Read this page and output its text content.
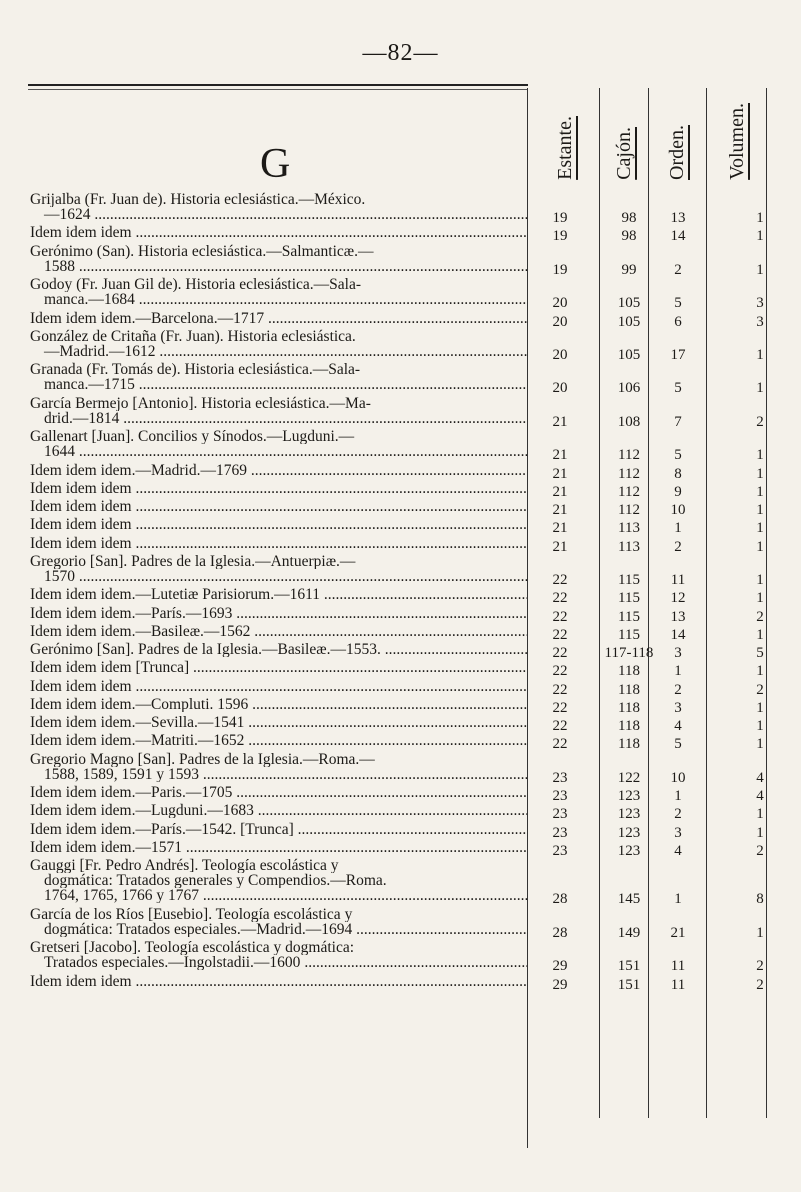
—82—
G	Estante. Cajón. Orden. Volumen.
Grijalba (Fr. Juan de). Historia eclesiástica.—México.
—1624 .....	19	98	13	1
Idem idem idem .....	19	98	14	1
Gerónimo (San). Historia eclesiástica.—Salmanticæ.—
1588 .....	19	99	2	1
Godoy (Fr. Juan Gil de). Historia eclesiástica.—Sala-
manca.—1684 .....	20	105	5	3
Idem idem idem.—Barcelona.—1717 .....	20	105	6	3
González de Critaña (Fr. Juan). Historia eclesiástica.
—Madrid.—1612 .....	20	105	17	1
Granada (Fr. Tomás de). Historia eclesiástica.—Sala-
manca.—1715 .....	20	106	5	1
García Bermejo [Antonio]. Historia eclesiástica.—Ma-
drid.—1814 .....	21	108	7	2
Gallenart [Juan]. Concilios y Sínodos.—Lugduni.—
1644 .....	21	112	5	1
Idem idem idem.—Madrid.—1769 .....	21	112	8	1
Idem idem idem .....	21	112	9	1
Idem idem idem .....	21	112	10	1
Idem idem idem .....	21	113	1	1
Idem idem idem .....	21	113	2	1
Gregorio [San]. Padres de la Iglesia.—Antuerpiæ.—
1570 .....	22	115	11	1
Idem idem idem.—Lutetiæ Parisiorum.—1611 .....	22	115	12	1
Idem idem idem.—París.—1693 .....	22	115	13	2
Idem idem idem.—Basileæ.—1562 .....	22	115	14	1
Gerónimo [San]. Padres de la Iglesia.—Basileæ.—1553. .....	22	117-118	3	5
Idem idem idem [Trunca] .....	22	118	1	1
Idem idem idem .....	22	118	2	2
Idem idem idem.—Compluti. 1596 .....	22	118	3	1
Idem idem idem.—Sevilla.—1541 .....	22	118	4	1
Idem idem idem.—Matriti.—1652 .....	22	118	5	1
Gregorio Magno [San]. Padres de la Iglesia.—Roma.—
1588, 1589, 1591 y 1593 .....	23	122	10	4
Idem idem idem.—Paris.—1705 .....	23	123	1	4
Idem idem idem.—Lugduni.—1683 .....	23	123	2	1
Idem idem idem.—París.—1542. [Trunca] .....	23	123	3	1
Idem idem idem.—1571 .....	23	123	4	2
Gauggi [Fr. Pedro Andrés]. Teología escolástica y
dogmática: Tratados generales y Compendios.—Roma.
1764, 1765, 1766 y 1767 .....	28	145	1	8
García de los Ríos [Eusebio]. Teología escolástica y
dogmática: Tratados especiales.—Madrid.—1694 .....	28	149	21	1
Gretseri [Jacobo]. Teología escolástica y dogmática:
Tratados especiales.—Ingolstadii.—1600 .....	29	151	11	2
Idem idem idem .....	29	151	11	2
